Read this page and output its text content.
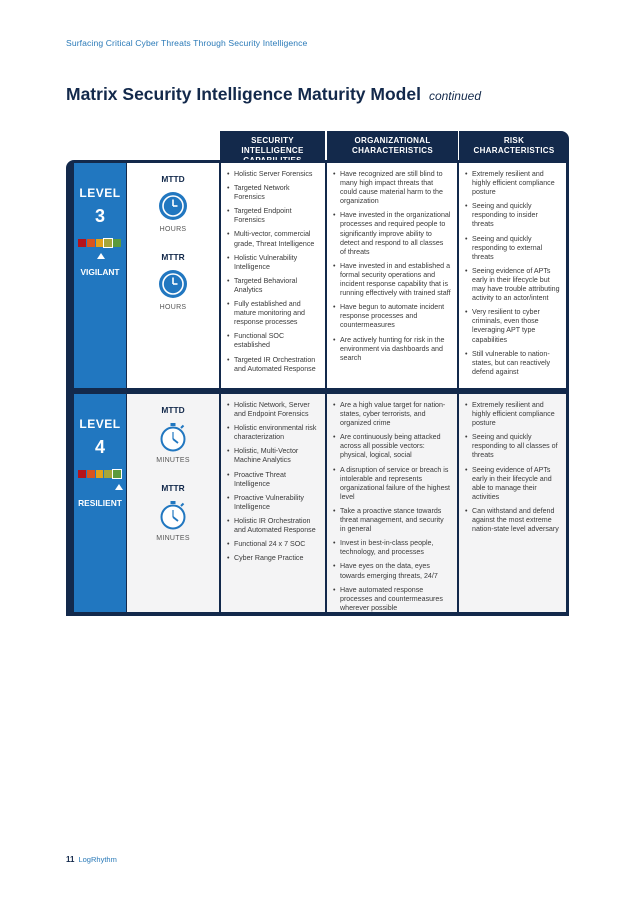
Surfacing Critical Cyber Threats Through Security Intelligence
Matrix Security Intelligence Maturity Model continued
SECURITY INTELLIGENCE

ORGANIZATIONAL
CHARACTERISTICS
RISK
CHARACTERISTICS
LEVEL
3
VIGILANT
MTTD
HOURS
MTTR
HOURS
• Holistic Server Forensics
• Targeted Network Forensics
• Targeted Endpoint Forensics
• Multi-vector, commercial grade, Threat Intelligence
• Holistic Vulnerability Intelligence
• Targeted Behavioral Analytics
• Fully established and mature monitoring and response processes
• Functional SOC established
• Targeted IR Orchestration and Automated Response
• Have recognized are still blind to many high impact threats that could cause material harm to the organization
• Have invested in the organizational processes and required people to significantly improve ability to detect and respond to all classes of threats
• Have invested in and established a formal security operations and incident response capability that is running effectively with trained staff
• Have begun to automate incident response processes and countermeasures
• Are actively hunting for risk in the environment via dashboards and search
• Extremely resilient and highly efficient compliance posture
• Seeing and quickly responding to insider threats
• Seeing and quickly responding to external threats
• Seeing evidence of APTs early in their lifecycle but may have trouble attributing activity to an actor/intent
• Very resilient to cyber criminals, even those leveraging APT type capabilities
• Still vulnerable to nation-states, but can reactively defend against
LEVEL
4
RESILIENT
MTTD
MINUTES
MTTR
MINUTES
• Holistic Network, Server and Endpoint Forensics
• Holistic environmental risk characterization
• Holistic, Multi-Vector Machine Analytics
• Proactive Threat Intelligence
• Proactive Vulnerability Intelligence
• Holistic IR Orchestration and Automated Response
• Functional 24 x 7 SOC
• Cyber Range Practice
• Are a high value target for nation-states, cyber terrorists, and organized crime
• Are continuously being attacked across all possible vectors: physical, logical, social
• A disruption of service or breach is intolerable and represents organizational failure of the highest level
• Take a proactive stance towards threat management, and security in general
• Invest in best-in-class people, technology, and processes
• Have eyes on the data, eyes towards emerging threats, 24/7
• Have automated response processes and countermeasures wherever possible
• Extremely resilient and highly efficient compliance posture
• Seeing and quickly responding to all classes of threats
• Seeing evidence of APTs early in their lifecycle and able to manage their activities
• Can withstand and defend against the most extreme nation-state level adversary
11 LogRhythm
